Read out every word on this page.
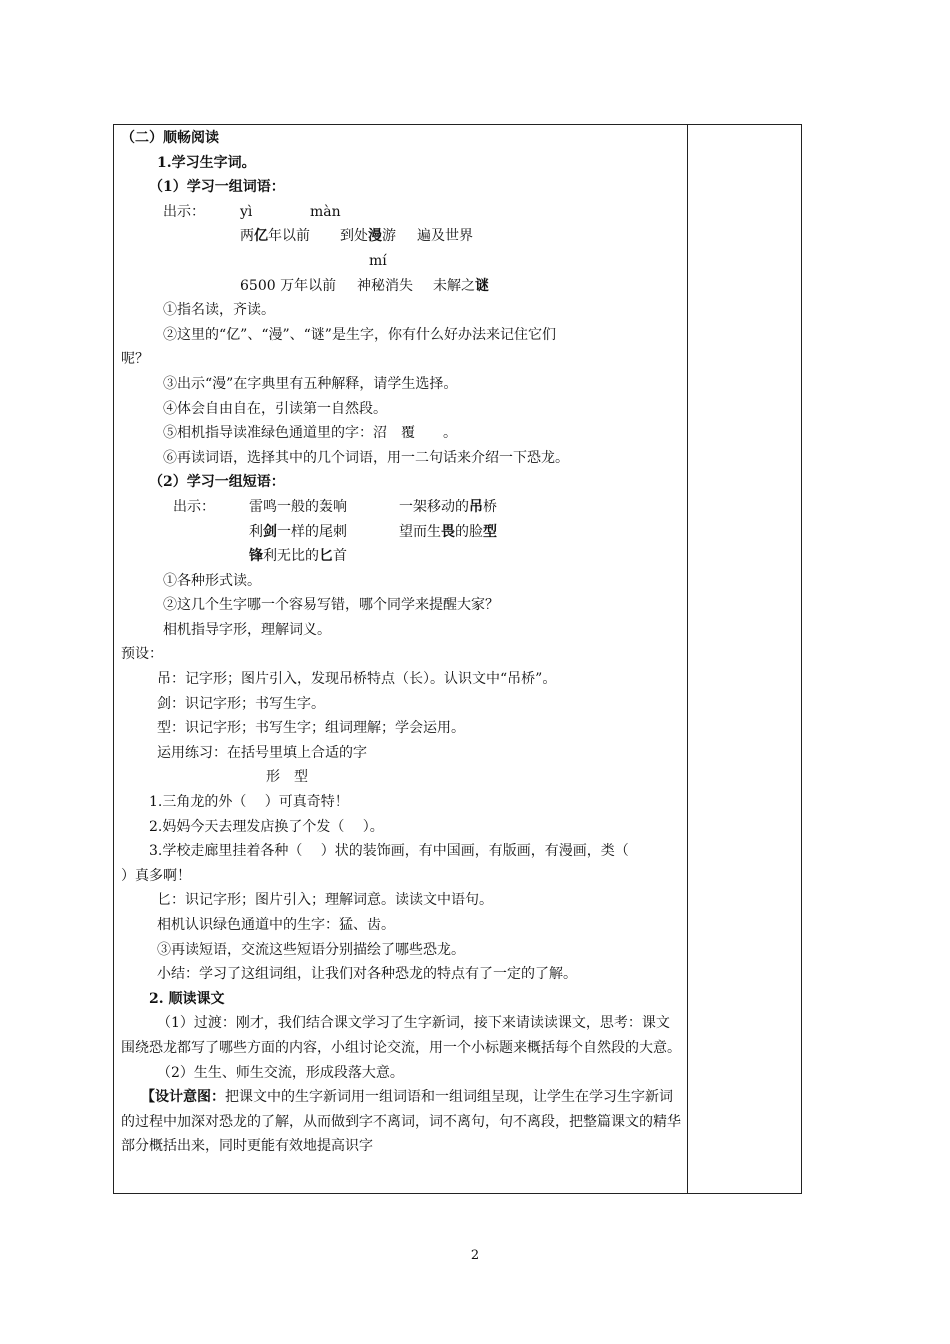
（二）顺畅阅读
1.学习生字词。
（1）学习一组词语：
出示：	yì	màn
两亿年以前 到处漫游 遍及世界
mí
6500 万年以前 神秘消失 未解之谜
①指名读，齐读。
②这里的“亿”、“漫”、“谜”是生字，你有什么好办法来记住它们
呢？
③出示“漫”在字典里有五种解释，请学生选择。
④体会自由自在，引读第一自然段。
⑤相机指导读准绿色通道里的字：沼　覆　　。
⑥再读词语，选择其中的几个词语，用一二句话来介绍一下恐龙。
（2）学习一组短语：
出示： 雷鸣一般的轰响	一架移动的吊桥
利剑一样的尾刺	望而生畏的脸型
锋利无比的匕首
①各种形式读。
②这几个生字哪一个容易写错，哪个同学来提醒大家？
相机指导字形，理解词义。
预设：
吊：记字形；图片引入，发现吊桥特点（长）。认识文中“吊桥”。
剑：识记字形；书写生字。
型：识记字形；书写生字；组词理解；学会运用。
运用练习：在括号里填上合适的字
形　型
1.三角龙的外（　 ）可真奇特！
2.妈妈今天去理发店换了个发（　 ）。
3.学校走廊里挂着各种（　 ）状的装饰画，有中国画，有版画，有漫画，类（
）真多啊！
匕：识记字形；图片引入；理解词意。读读文中语句。
相机认识绿色通道中的生字：猛、齿。
③再读短语，交流这些短语分别描绘了哪些恐龙。
小结：学习了这组词组，让我们对各种恐龙的特点有了一定的了解。
2. 顺读课文
（1）过渡：刚才，我们结合课文学习了生字新词，接下来请读读课文，思考：课文围绕恐龙都写了哪些方面的内容，小组讨论交流，用一个小标题来概括每个自然段的大意。
（2）生生、师生交流，形成段落大意。
【设计意图：把课文中的生字新词用一组词语和一组词组呈现，让学生在学习生字新词的过程中加深对恐龙的了解，从而做到字不离词，词不离句，句不离段，把整篇课文的精华部分概括出来，同时更能有效地提高识字
2
